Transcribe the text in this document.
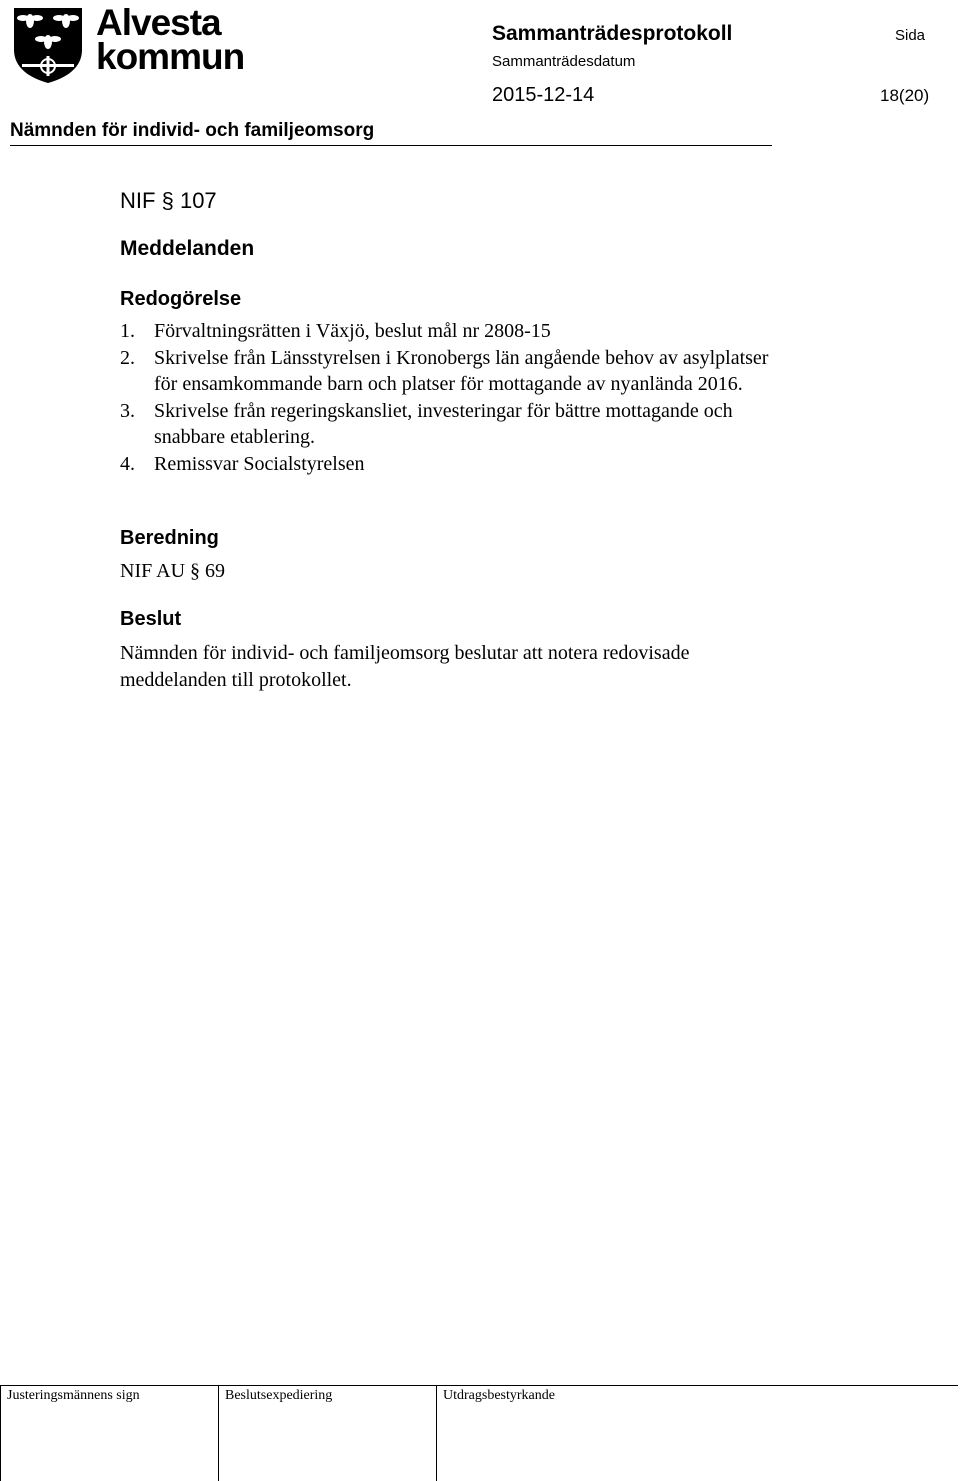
Alvesta
kommun
Sammanträdesprotokoll	Sida
Sammanträdesdatum
2015-12-14	18(20)
Nämnden för individ- och familjeomsorg
NIF § 107
Meddelanden
Redogörelse
1. Förvaltningsrätten i Växjö, beslut mål nr 2808-15
2. Skrivelse från Länsstyrelsen i Kronobergs län angående behov av asylplatser för ensamkommande barn och platser för mottagande av nyanlända 2016.
3. Skrivelse från regeringskansliet, investeringar för bättre mottagande och snabbare etablering.
4. Remissvar Socialstyrelsen
Beredning
NIF AU § 69
Beslut
Nämnden för individ- och familjeomsorg beslutar att notera redovisade meddelanden till protokollet.
Justeringsmännens sign	Beslutsexpediering	Utdragsbestyrkande
